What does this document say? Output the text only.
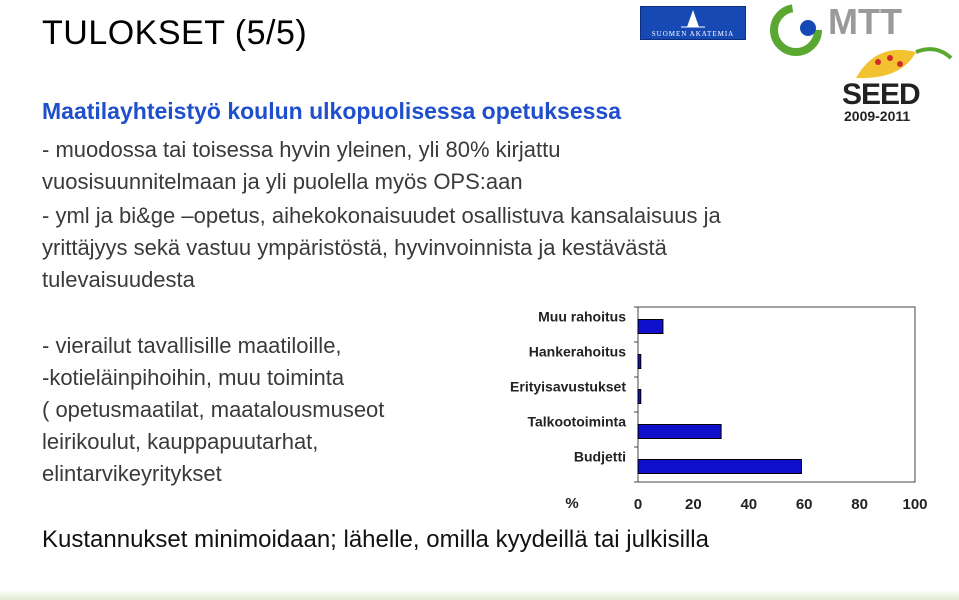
TULOKSET (5/5)	SUOMEN AKATEMIA	MTT
SEED
2009-2011
Maatilayhteistyö koulun ulkopuolisessa opetuksessa
- muodossa tai toisessa hyvin yleinen, yli 80% kirjattu
vuosisuunnitelmaan ja yli puolella myös OPS:aan
- yml ja bi&ge –opetus, aihekokonaisuudet osallistuva kansalaisuus ja
yrittäjyys sekä vastuu ympäristöstä, hyvinvoinnista ja kestävästä
tulevaisuudesta
- vierailut tavallisille maatiloille,
-kotieläinpihoihin, muu toiminta
( opetusmaatilat, maatalousmuseot
leirikoulut, kauppapuutarhat,
elintarvikeyritykset
Muu rahoitus
Hankerahoitus
Erityisavustukset
Talkootoiminta
Budjetti
0	20	40	60	80 100
%
Kustannukset minimoidaan; lähelle, omilla kyydeillä tai julkisilla
